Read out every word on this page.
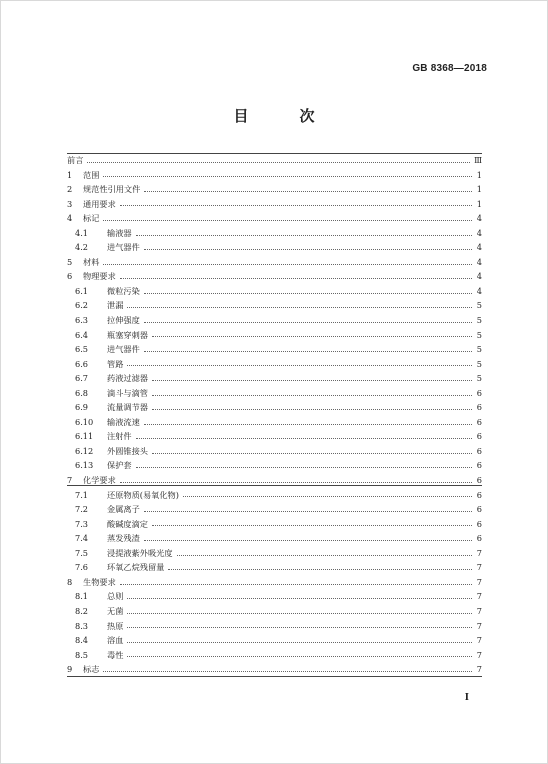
GB 8368—2018
目　次
前言	Ⅲ
1	范围	1
2	规范性引用文件	1
3	通用要求	1
4	标记	4
4.1	输液器	4
4.2	进气器件	4
5	材料	4
6	物理要求	4
6.1	微粒污染	4
6.2	泄漏	5
6.3	拉伸强度	5
6.4	瓶塞穿刺器	5
6.5	进气器件	5
6.6	管路	5
6.7	药液过滤器	5
6.8	滴斗与滴管	6
6.9	流量调节器	6
6.10	输液流速	6
6.11	注射件	6
6.12	外圆锥接头	6
6.13	保护套	6
7	化学要求	6
7.1	还原物质(易氧化物)	6
7.2	金属离子	6
7.3	酸碱度滴定	6
7.4	蒸发残渣	6
7.5	浸提液紫外吸光度	7
7.6	环氧乙烷残留量	7
8	生物要求	7
8.1	总则	7
8.2	无菌	7
8.3	热原	7
8.4	溶血	7
8.5	毒性	7
9	标志	7
Ⅰ
